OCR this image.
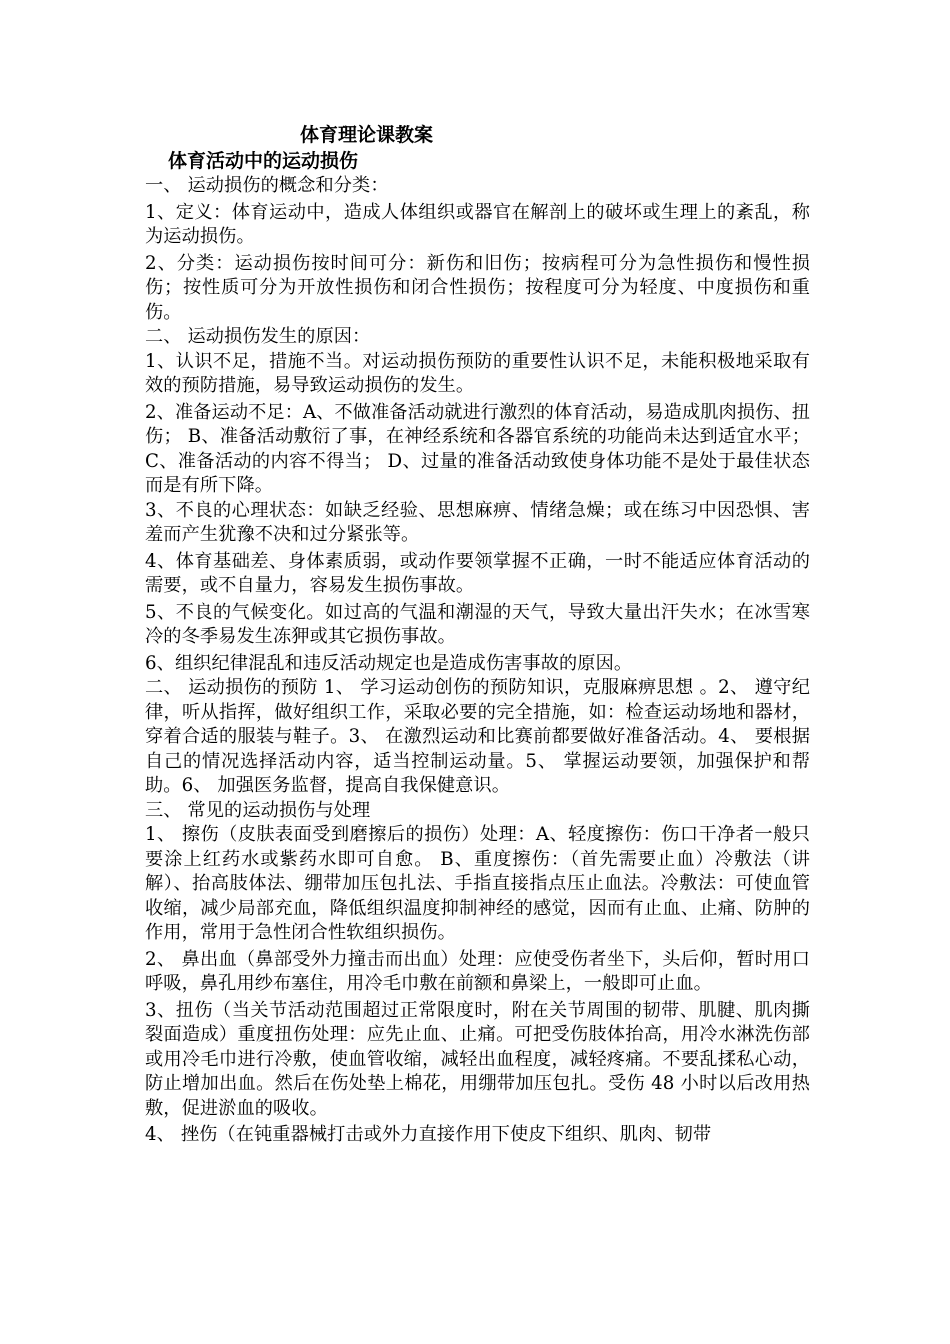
体育理论课教案
体育活动中的运动损伤

一、 运动损伤的概念和分类：

1、定义：体育运动中，造成人体组织或器官在解剖上的破坏或生理上的紊乱，称为运动损伤。

2、分类：运动损伤按时间可分：新伤和旧伤；按病程可分为急性损伤和慢性损伤；按性质可分为开放性损伤和闭合性损伤；按程度可分为轻度、中度损伤和重伤。

二、 运动损伤发生的原因：

1、认识不足，措施不当。对运动损伤预防的重要性认识不足，未能积极地采取有效的预防措施，易导致运动损伤的发生。

2、准备运动不足：A、不做准备活动就进行激烈的体育活动，易造成肌肉损伤、扭伤； B、准备活动敷衍了事，在神经系统和各器官系统的功能尚未达到适宜水平； C、准备活动的内容不得当； D、过量的准备活动致使身体功能不是处于最佳状态而是有所下降。

3、不良的心理状态：如缺乏经验、思想麻痹、情绪急燥；或在练习中因恐惧、害羞而产生犹豫不决和过分紧张等。

4、体育基础差、身体素质弱，或动作要领掌握不正确，一时不能适应体育活动的需要，或不自量力，容易发生损伤事故。

5、不良的气候变化。如过高的气温和潮湿的天气，导致大量出汗失水；在冰雪寒冷的冬季易发生冻狎或其它损伤事故。

6、组织纪律混乱和违反活动规定也是造成伤害事故的原因。

二、 运动损伤的预防 1、 学习运动创伤的预防知识，克服麻痹思想 。2、 遵守纪律，听从指挥，做好组织工作，采取必要的完全措施，如：检查运动场地和器材，穿着合适的服装与鞋子。3、 在激烈运动和比赛前都要做好准备活动。4、 要根据自己的情况选择活动内容，适当控制运动量。5、 掌握运动要领，加强保护和帮助。6、 加强医务监督，提高自我保健意识。

三、 常见的运动损伤与处理

1、 擦伤（皮肤表面受到磨擦后的损伤）处理：A、轻度擦伤：伤口干净者一般只要涂上红药水或紫药水即可自愈。 B、重度擦伤：（首先需要止血）冷敷法（讲解）、抬高肢体法、绷带加压包扎法、手指直接指点压止血法。冷敷法：可使血管收缩，减少局部充血，降低组织温度抑制神经的感觉，因而有止血、止痛、防肿的作用，常用于急性闭合性软组织损伤。

2、 鼻出血（鼻部受外力撞击而出血）处理：应使受伤者坐下，头后仰，暂时用口呼吸，鼻孔用纱布塞住，用冷毛巾敷在前额和鼻梁上，一般即可止血。

3、扭伤（当关节活动范围超过正常限度时，附在关节周围的韧带、肌腱、肌肉撕裂面造成）重度扭伤处理：应先止血、止痛。可把受伤肢体抬高，用冷水淋洗伤部或用冷毛巾进行冷敷，使血管收缩，减轻出血程度，减轻疼痛。不要乱揉私心动，防止增加出血。然后在伤处垫上棉花，用绷带加压包扎。受伤 48 小时以后改用热敷，促进淤血的吸收。

4、 挫伤（在钝重器械打击或外力直接作用下使皮下组织、肌肉、韧带
